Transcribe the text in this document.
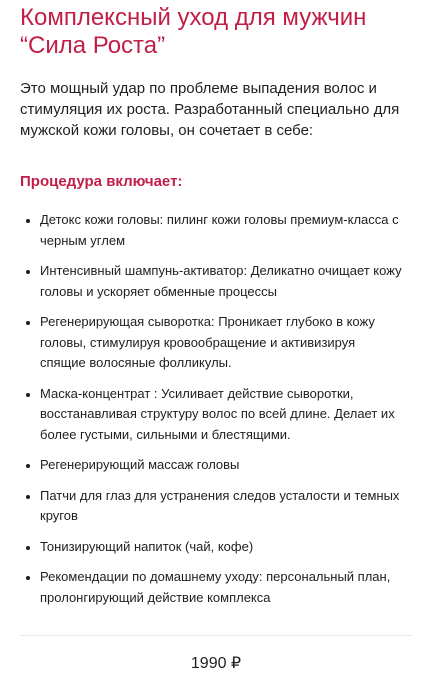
Комплексный уход для мужчин “Сила Роста”

Это мощный удар по проблеме выпадения волос и стимуляция их роста. Разработанный специально для мужской кожи головы, он сочетает в себе:

Процедура включает:
Детокс кожи головы: пилинг кожи головы премиум-класса с черным углем
Интенсивный шампунь-активатор: Деликатно очищает кожу головы и ускоряет обменные процессы
Регенерирующая сыворотка: Проникает глубоко в кожу головы, стимулируя кровообращение и активизируя спящие волосяные фолликулы.
Маска-концентрат : Усиливает действие сыворотки, восстанавливая структуру волос по всей длине. Делает их более густыми, сильными и блестящими.
Регенерирующий массаж головы
Патчи для глаз для устранения следов усталости и темных кругов
Тонизирующий напиток (чай, кофе)
Рекомендации по домашнему уходу: персональный план, пролонгирующий действие комплекса
1990 ₽
